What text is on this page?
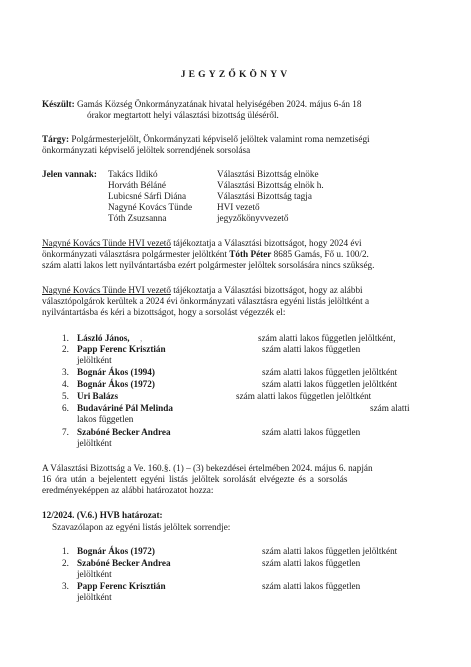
JEGYZŐKÖNYV
Készült: Gamás Község Önkormányzatának hivatal helyiségében 2024. május 6-án 18
órakor megtartott helyi választási bizottság üléséről.
Tárgy: Polgármesterjelölt, Önkormányzati képviselő jelöltek valamint roma nemzetiségi
önkormányzati képviselő jelöltek sorrendjének sorsolása
Jelen vannak: Takács Ildikó	Választási Bizottság elnöke
Horváth Béláné	Választási Bizottság elnök h.
Lubicsné Sárfi Diána	Választási Bizottság tagja
Nagyné Kovács Tünde	HVI vezető
Tóth Zsuzsanna	jegyzőkönyvvezető
Nagyné Kovács Tünde HVI vezető tájékoztatja a Választási bizottságot, hogy 2024 évi
önkormányzati választásra polgármester jelöltként Tóth Péter 8685 Gamás, Fő u. 100/2.
szám alatti lakos lett nyilvántartásba ezért polgármester jelöltek sorsolására nincs szükség.
Nagyné Kovács Tünde HVI vezető tájékoztatja a Választási bizottságot, hogy az alábbi
választópolgárok kerültek a 2024 évi önkormányzati választásra egyéni listás jelöltként a
nyilvántartásba és kéri a bizottságot, hogy a sorsolást végezzék el:
1. László János, ,	szám alatti lakos független jelöltként,
2. Papp Ferenc Krisztián	szám alatti lakos független
jelöltként
3. Bognár Ákos (1994)	szám alatti lakos független jelöltként
4. Bognár Ákos (1972)	szám alatti lakos független jelöltként
5. Uri Balázs	szám alatti lakos független jelöltként
6. Budaváriné Pál Melinda	szám alatti
lakos független
7. Szabóné Becker Andrea	szám alatti lakos független
jelöltként
A Választási Bizottság a Ve. 160.§. (1) – (3) bekezdései értelmében 2024. május 6. napján
16 óra után a bejelentett egyéni listás jelöltek sorolását elvégezte és a sorsolás
eredményeképpen az alábbi határozatot hozza:
12/2024. (V.6.) HVB határozat:
Szavazólapon az egyéni listás jelöltek sorrendje:
1. Bognár Ákos (1972)	szám alatti lakos független jelöltként
2. Szabóné Becker Andrea	szám alatti lakos független
jelöltként
3. Papp Ferenc Krisztián	szám alatti lakos független
jelöltként
